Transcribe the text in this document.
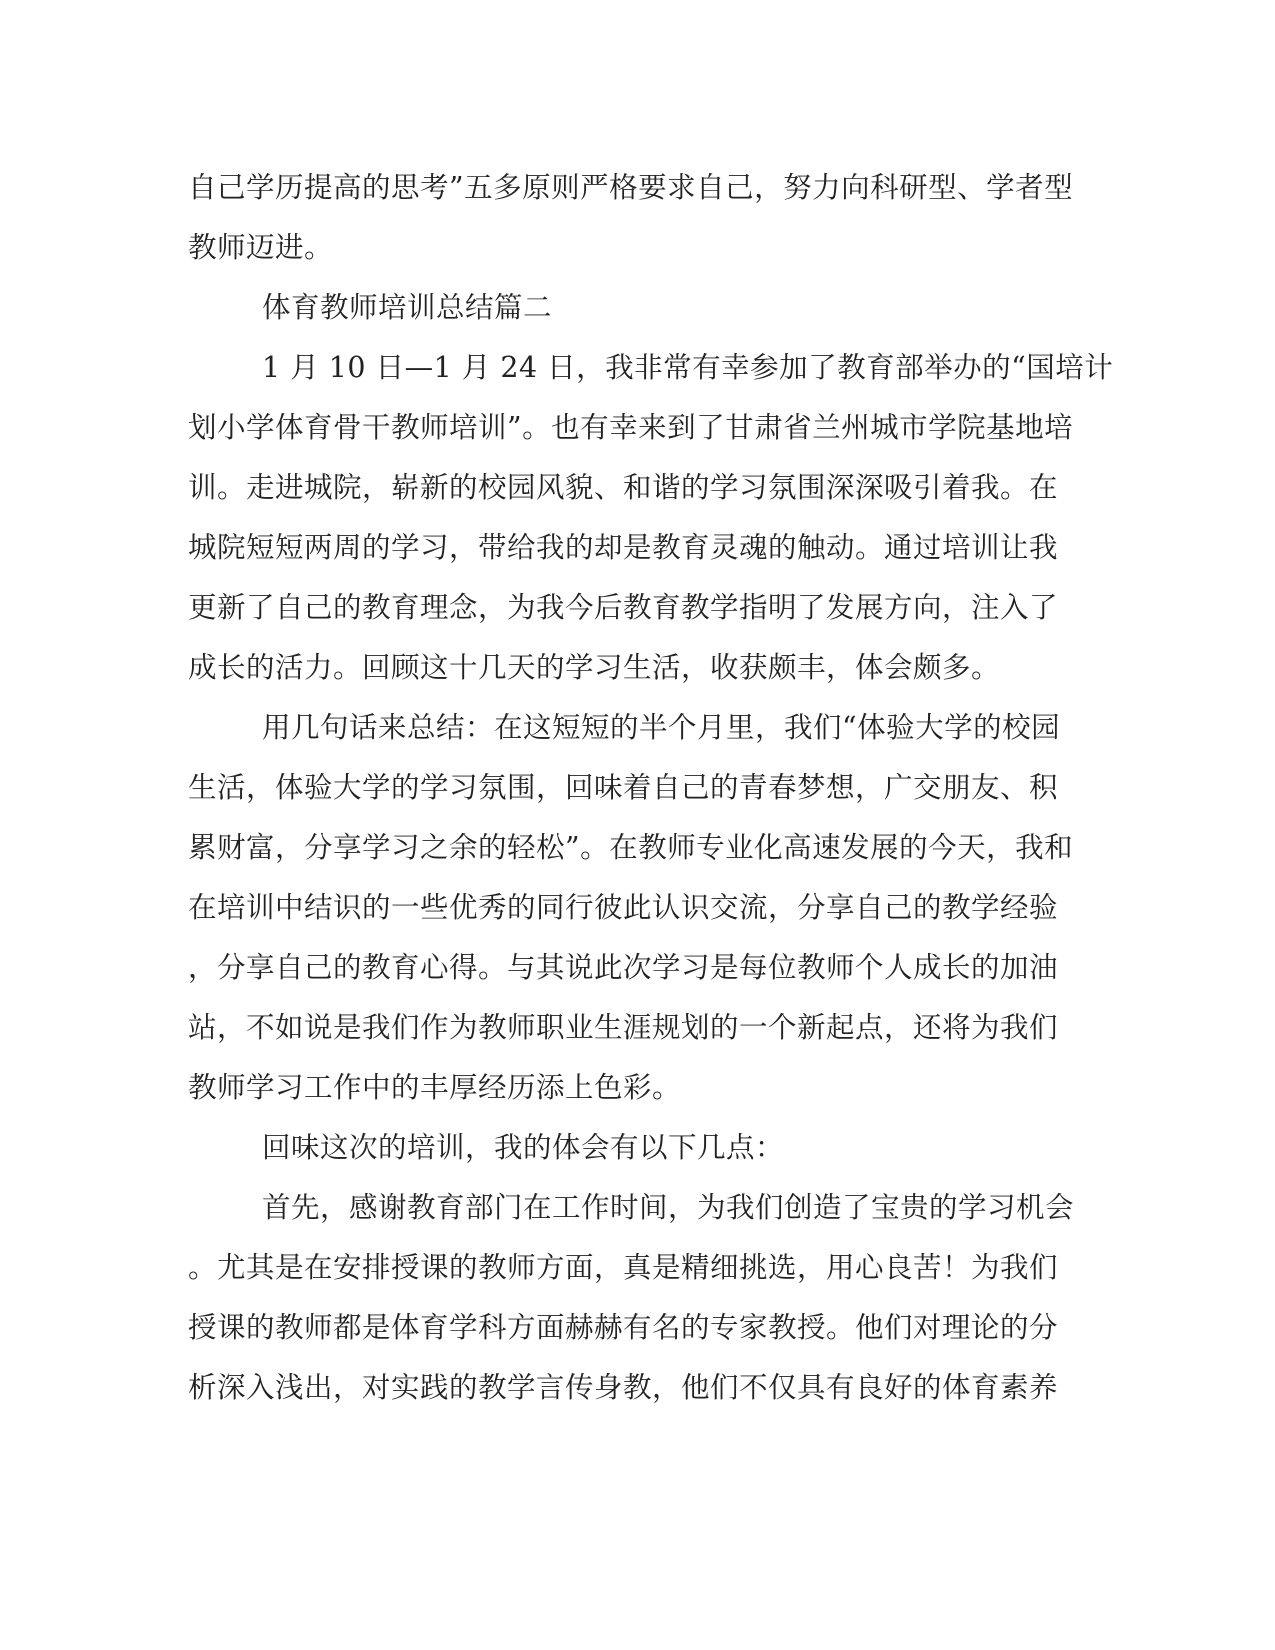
自己学历提高的思考”五多原则严格要求自己，努力向科研型、学者型
教师迈进。
体育教师培训总结篇二
1 月 10 日—1 月 24 日，我非常有幸参加了教育部举办的“国培计
划小学体育骨干教师培训”。也有幸来到了甘肃省兰州城市学院基地培
训。走进城院，崭新的校园风貌、和谐的学习氛围深深吸引着我。在
城院短短两周的学习，带给我的却是教育灵魂的触动。通过培训让我
更新了自己的教育理念，为我今后教育教学指明了发展方向，注入了
成长的活力。回顾这十几天的学习生活，收获颇丰，体会颇多。
用几句话来总结：在这短短的半个月里，我们“体验大学的校园
生活，体验大学的学习氛围，回味着自己的青春梦想，广交朋友、积
累财富，分享学习之余的轻松”。在教师专业化高速发展的今天，我和
在培训中结识的一些优秀的同行彼此认识交流，分享自己的教学经验
，分享自己的教育心得。与其说此次学习是每位教师个人成长的加油
站，不如说是我们作为教师职业生涯规划的一个新起点，还将为我们
教师学习工作中的丰厚经历添上色彩。
回味这次的培训，我的体会有以下几点：
首先，感谢教育部门在工作时间，为我们创造了宝贵的学习机会
。尤其是在安排授课的教师方面，真是精细挑选，用心良苦！为我们
授课的教师都是体育学科方面赫赫有名的专家教授。他们对理论的分
析深入浅出，对实践的教学言传身教，他们不仅具有良好的体育素养
